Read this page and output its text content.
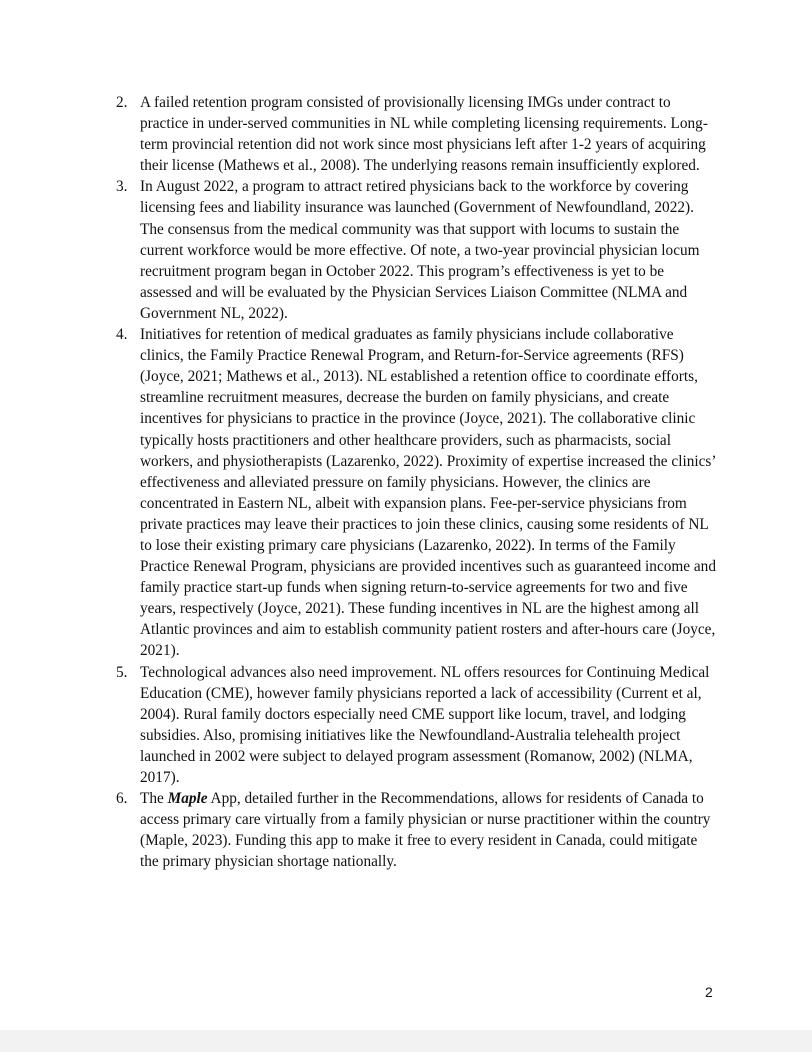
2. A failed retention program consisted of provisionally licensing IMGs under contract to practice in under-served communities in NL while completing licensing requirements. Long-term provincial retention did not work since most physicians left after 1-2 years of acquiring their license (Mathews et al., 2008). The underlying reasons remain insufficiently explored.
3. In August 2022, a program to attract retired physicians back to the workforce by covering licensing fees and liability insurance was launched (Government of Newfoundland, 2022). The consensus from the medical community was that support with locums to sustain the current workforce would be more effective. Of note, a two-year provincial physician locum recruitment program began in October 2022. This program’s effectiveness is yet to be assessed and will be evaluated by the Physician Services Liaison Committee (NLMA and Government NL, 2022).
4. Initiatives for retention of medical graduates as family physicians include collaborative clinics, the Family Practice Renewal Program, and Return-for-Service agreements (RFS) (Joyce, 2021; Mathews et al., 2013). NL established a retention office to coordinate efforts, streamline recruitment measures, decrease the burden on family physicians, and create incentives for physicians to practice in the province (Joyce, 2021). The collaborative clinic typically hosts practitioners and other healthcare providers, such as pharmacists, social workers, and physiotherapists (Lazarenko, 2022). Proximity of expertise increased the clinics’ effectiveness and alleviated pressure on family physicians. However, the clinics are concentrated in Eastern NL, albeit with expansion plans. Fee-per-service physicians from private practices may leave their practices to join these clinics, causing some residents of NL to lose their existing primary care physicians (Lazarenko, 2022). In terms of the Family Practice Renewal Program, physicians are provided incentives such as guaranteed income and family practice start-up funds when signing return-to-service agreements for two and five years, respectively (Joyce, 2021). These funding incentives in NL are the highest among all Atlantic provinces and aim to establish community patient rosters and after-hours care (Joyce, 2021).
5. Technological advances also need improvement. NL offers resources for Continuing Medical Education (CME), however family physicians reported a lack of accessibility (Current et al, 2004). Rural family doctors especially need CME support like locum, travel, and lodging subsidies. Also, promising initiatives like the Newfoundland-Australia telehealth project launched in 2002 were subject to delayed program assessment (Romanow, 2002) (NLMA, 2017).
6. The Maple App, detailed further in the Recommendations, allows for residents of Canada to access primary care virtually from a family physician or nurse practitioner within the country (Maple, 2023). Funding this app to make it free to every resident in Canada, could mitigate the primary physician shortage nationally.
2
